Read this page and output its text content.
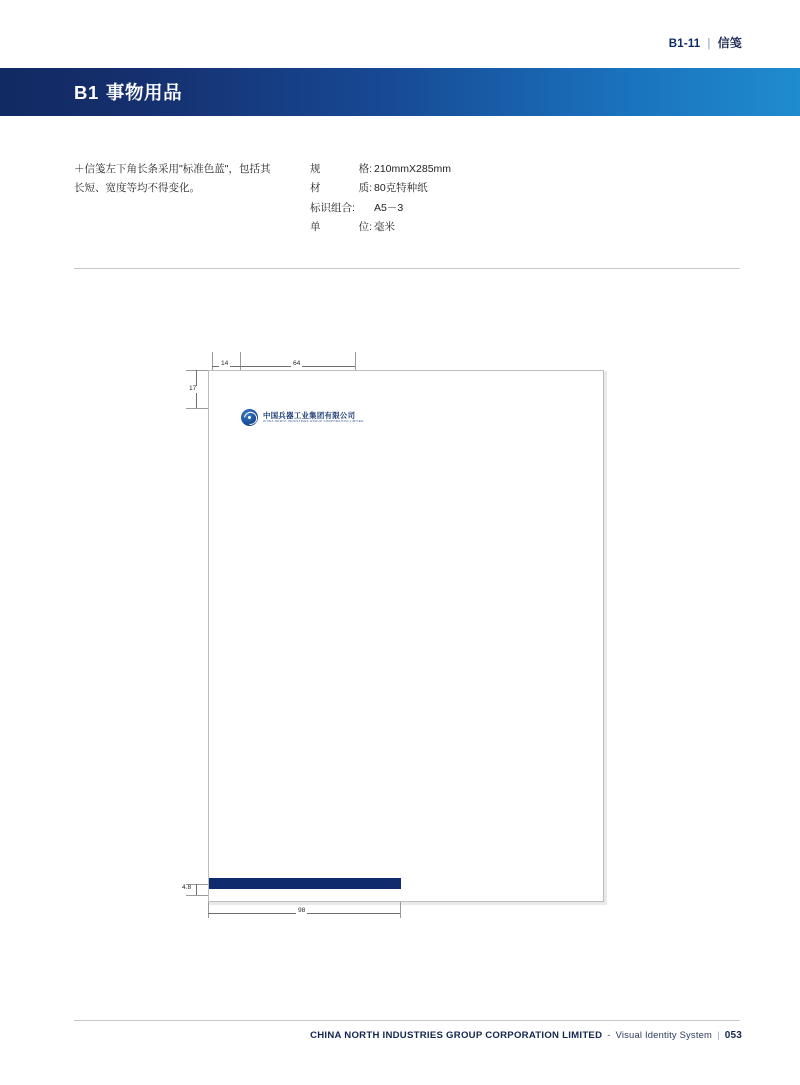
B1-11 | 信笺
B1 事物用品
＋信笺左下角长条采用"标准色蓝"，包括其长短、宽度等均不得变化。
规	格: 210mmX285mm
材	质: 80克特种纸
标识组合: A5－3
单	位: 毫米
中国兵器工业集团有限公司
CHINA NORTH INDUSTRIES GROUP CORPORATION LIMITED
14	64
17
4.8
98
CHINA NORTH INDUSTRIES GROUP CORPORATION LIMITED - Visual Identity System | 053
